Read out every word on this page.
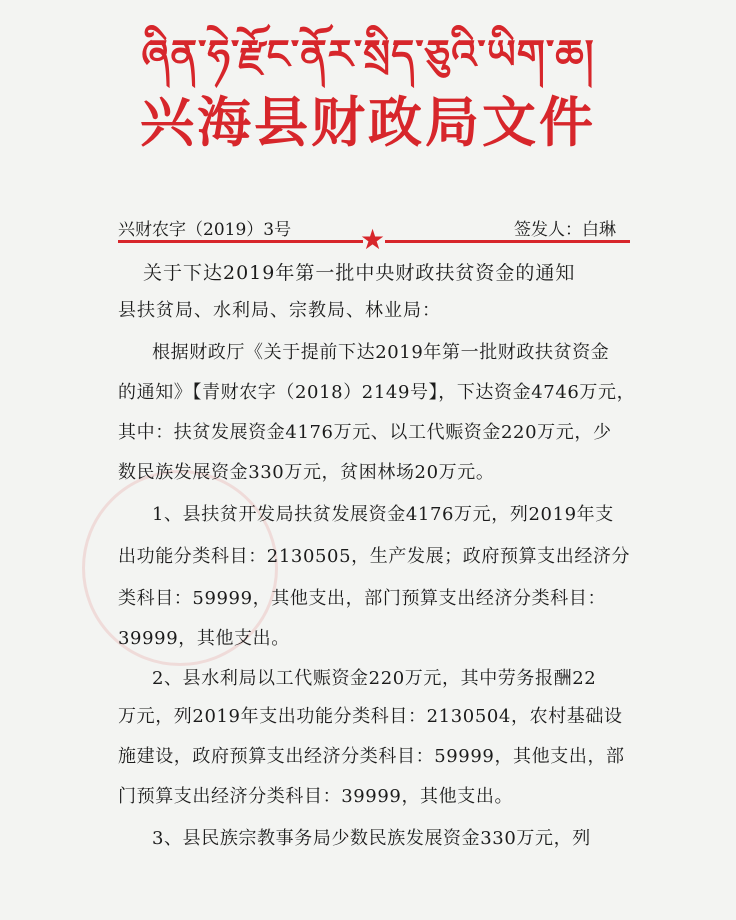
ཞིན་ཧེ་རྫོང་ནོར་སྲིད་ཅུའི་ཡིག་ཆ།
兴海县财政局文件
兴财农字（2019）3号	签发人：白琳
★
关于下达2019年第一批中央财政扶贫资金的通知
县扶贫局、水利局、宗教局、林业局：
根据财政厅《关于提前下达2019年第一批财政扶贫资金
的通知》【青财农字（2018）2149号】，下达资金4746万元，
其中：扶贫发展资金4176万元、以工代赈资金220万元，少
数民族发展资金330万元，贫困林场20万元。
1、县扶贫开发局扶贫发展资金4176万元，列2019年支
出功能分类科目：2130505，生产发展；政府预算支出经济分
类科目：59999，其他支出，部门预算支出经济分类科目：
39999，其他支出。
2、县水利局以工代赈资金220万元，其中劳务报酬22
万元，列2019年支出功能分类科目：2130504，农村基础设
施建设，政府预算支出经济分类科目：59999，其他支出，部
门预算支出经济分类科目：39999，其他支出。
3、县民族宗教事务局少数民族发展资金330万元，列
